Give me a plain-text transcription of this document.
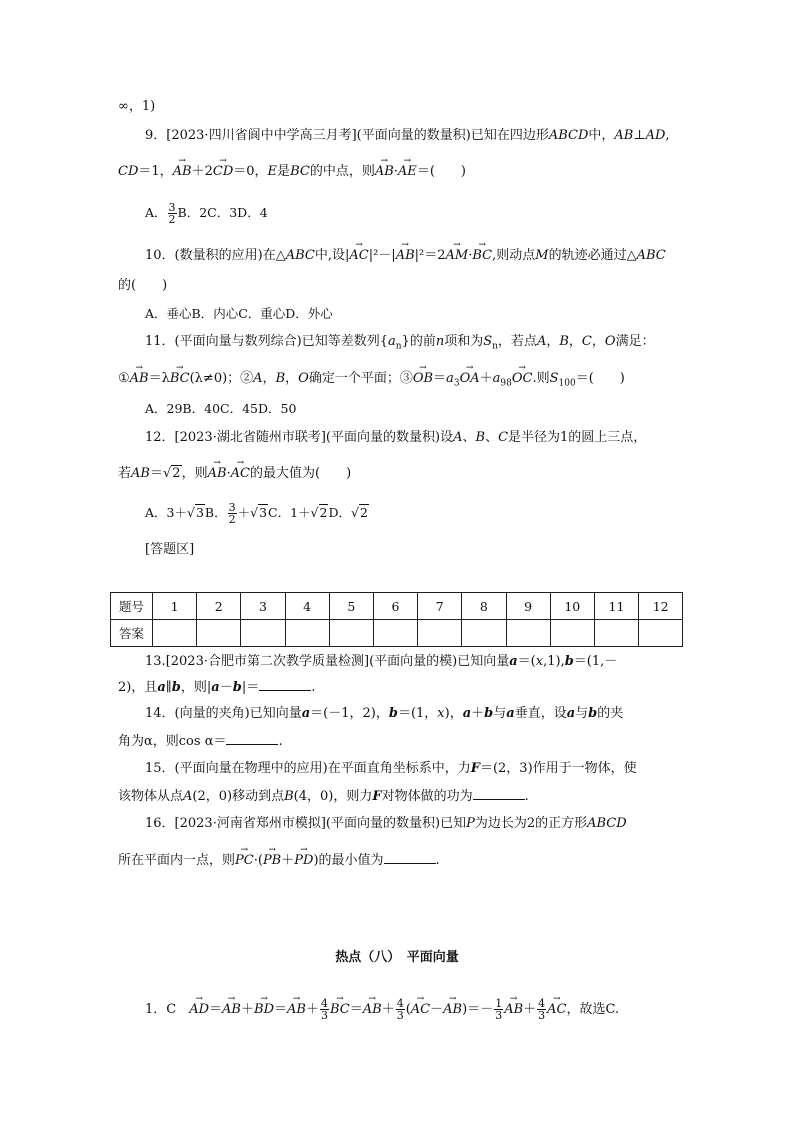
∞，1)
9．[2023·四川省阆中中学高三月考](平面向量的数量积)已知在四边形ABCD中，AB⊥AD,
CD＝1，→ AB＋2→ CD＝0，E是BC的中点，则→ AB·→ AE＝(　　)
A． $\frac{3}{2}$ B．2C．3D．4
10．(数量积的应用)在△ABC中,设|→ AC|²－|→ AB|²＝2→ AM·→ BC,则动点M的轨迹必通过△ABC
的(　　)
A．垂心B．内心C．重心D．外心
11．(平面向量与数列综合)已知等差数列$\{a_n\}$的前n项和为$S_n$，若点A，B，C，O满足：
①→ AB＝λ→ BC(λ≠0)；②A，B，O确定一个平面；③→ $OB=a_3\to OA+a_{98}\to$ OC.则$S_{100}=$(　　)
A．29B．40C．45D．50
12．[2023·湖北省随州市联考](平面向量的数量积)设A、B、C是半径为1的圆上三点，
若AB＝√2，则→ AB·→ AC的最大值为(　　)
A．3＋√3B． $\frac{3}{2} +√3C$．1＋√2D．√2
[答题区]
题号	1	2	3	4	5	6	7	8	9	10	11	12
答案												
13.[2023·合肥市第二次教学质量检测](平面向量的模)已知向量a＝(x,1),b＝(1,－
2)，且a∥b，则|a－b|＝	.
14．(向量的夹角)已知向量a＝(－1，2)，b＝(1，x)，a＋b与a垂直，设a与b的夹
角为α，则cos α＝	.
15．(平面向量在物理中的应用)在平面直角坐标系中，力F＝(2，3)作用于一物体，使
该物体从点A(2，0)移动到点B(4，0)，则力F对物体做的功为	.
16．[2023·河南省郑州市模拟](平面向量的数量积)已知P为边长为2的正方形ABCD
所在平面内一点，则→ PC·(→ PB＋→ PD)的最小值为	.
热点（八）　平面向量
1．C　→ $AD=\to AB+\to BD=\to AB+ \frac{4}{3} \to BC=\to AB+ \frac{4}{3}$ (→ $AC-\to AB)=- \frac{1}{3} \to AB+ \frac{4}{3}$ → AC，故选C.
